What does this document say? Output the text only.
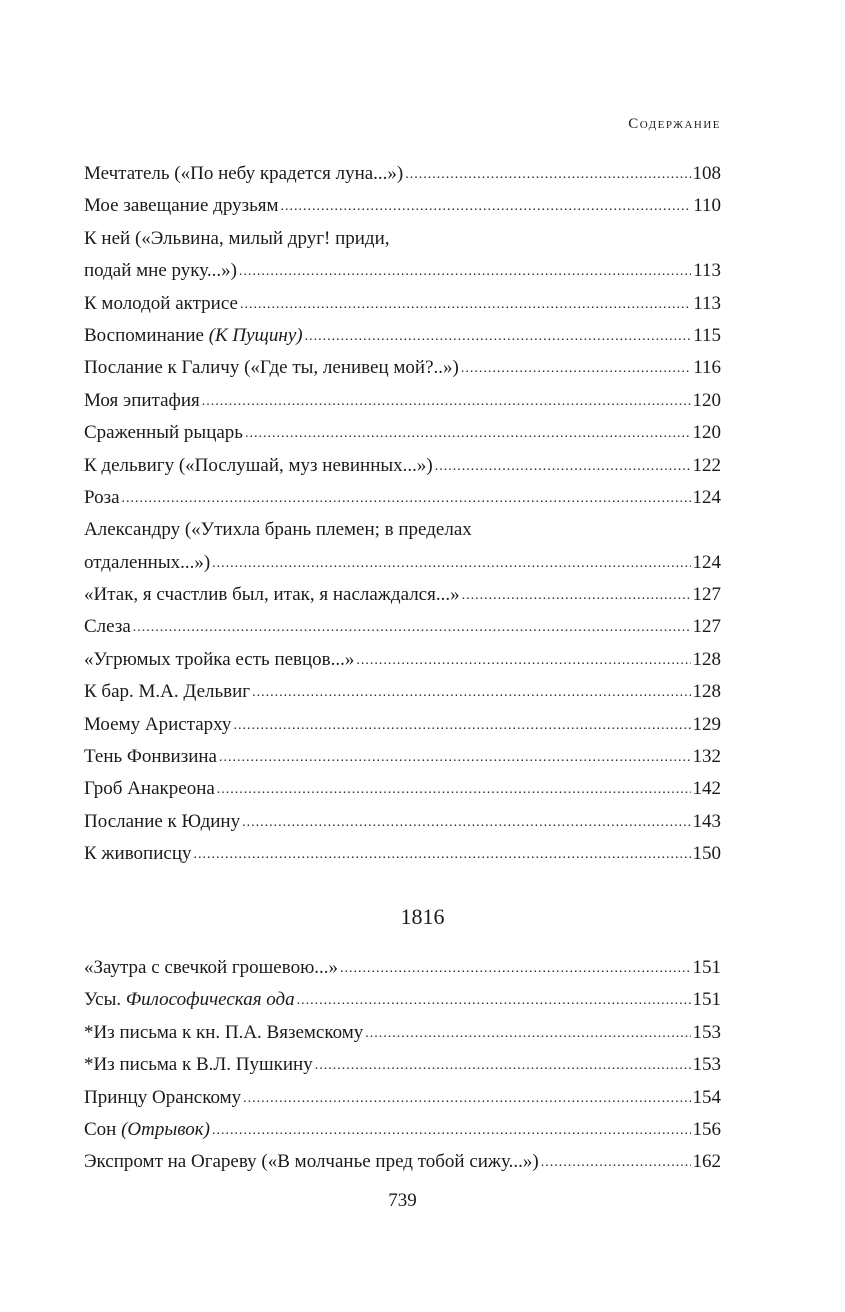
Содержание
Мечтатель («По небу крадется луна...») .....	108
Мое завещание друзьям .....	110
К ней («Эльвина, милый друг! приди,
подай мне руку...») .....	113
К молодой актрисе .....	113
Воспоминание (К Пущину) .....	115
Послание к Галичу («Где ты, ленивец мой?..») .....	116
Моя эпитафия .....	120
Сраженный рыцарь .....	120
К дельвигу («Послушай, муз невинных...») .....	122
Роза .....	124
Александру («Утихла брань племен; в пределах
отдаленных...») .....	124
«Итак, я счастлив был, итак, я наслаждался...» .....	127
Слеза .....	127
«Угрюмых тройка есть певцов...» .....	128
К бар. М.А. Дельвиг .....	128
Моему Аристарху .....	129
Тень Фонвизина .....	132
Гроб Анакреона .....	142
Послание к Юдину .....	143
К живописцу .....	150
1816
«Заутра с свечкой грошевою...» .....	151
Усы. Философическая ода .....	151
*Из письма к кн. П.А. Вяземскому .....	153
*Из письма к В.Л. Пушкину .....	153
Принцу Оранскому .....	154
Сон (Отрывок) .....	156
Экспромт на Огареву («В молчанье пред тобой сижу...») .....	162
739
